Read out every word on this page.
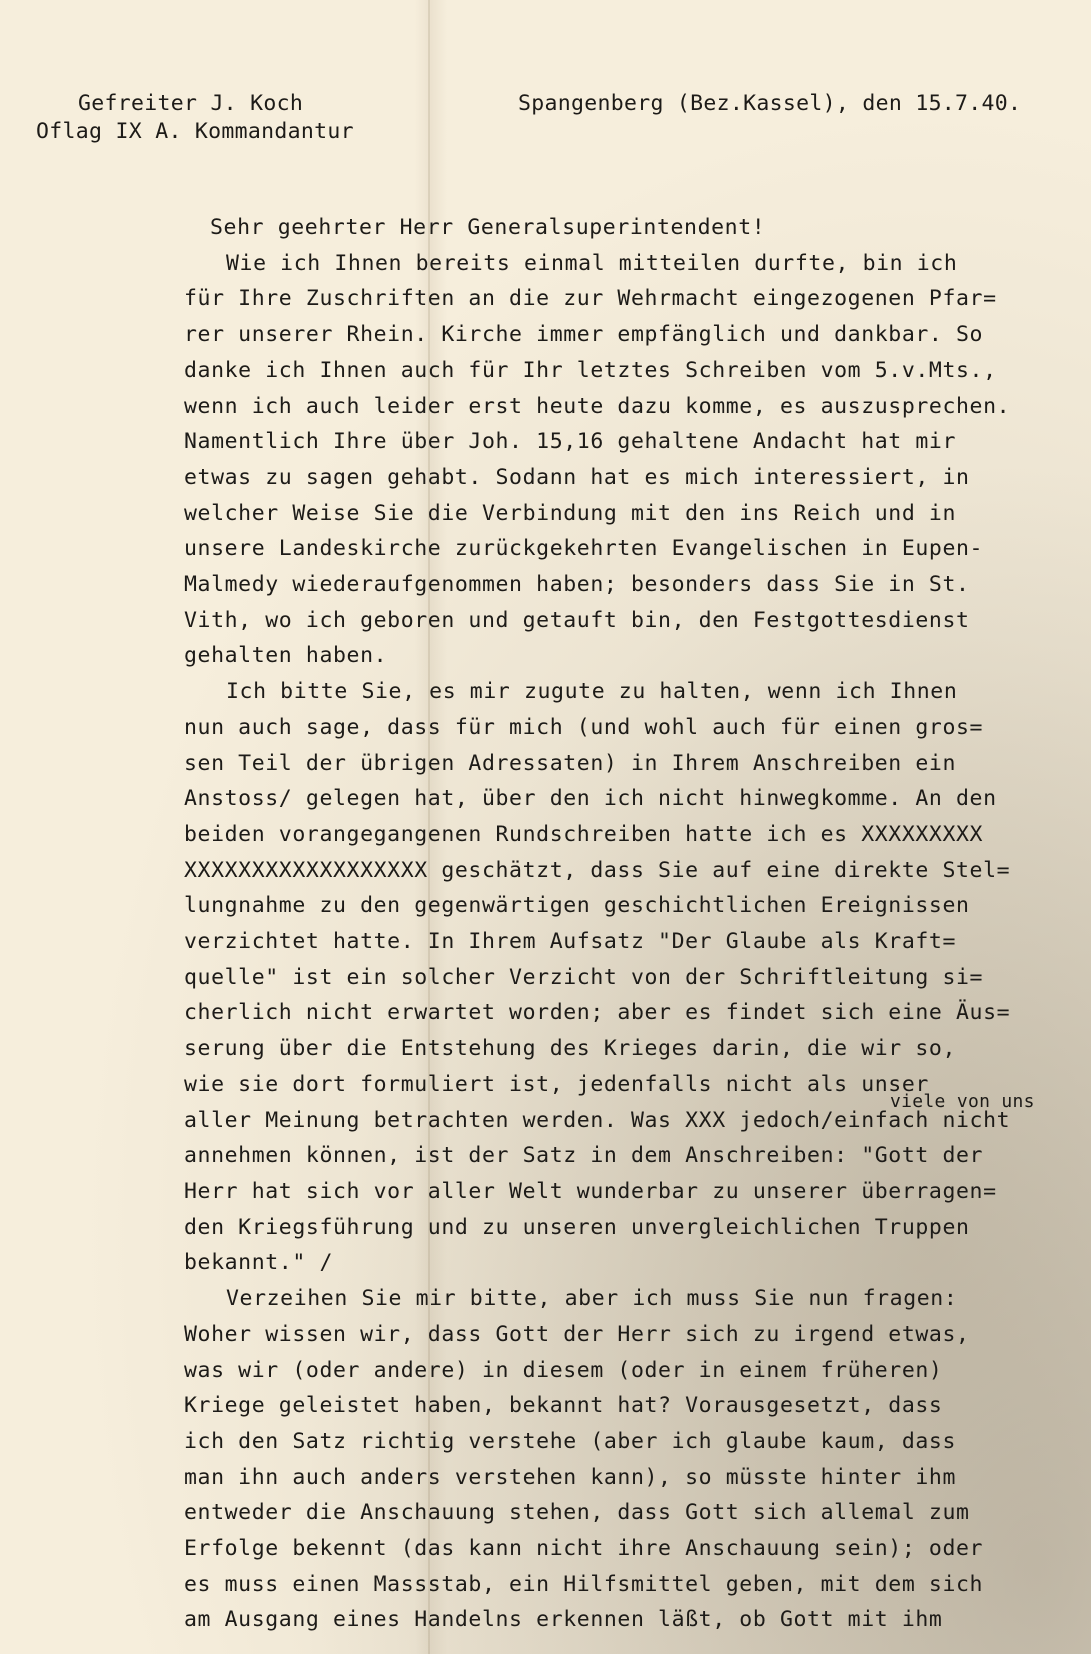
Gefreiter J. Koch
Oflag IX A. Kommandantur
Spangenberg (Bez.Kassel), den 15.7.40.
Sehr geehrter Herr Generalsuperintendent!
Wie ich Ihnen bereits einmal mitteilen durfte, bin ich
für Ihre Zuschriften an die zur Wehrmacht eingezogenen Pfar=
rer unserer Rhein. Kirche immer empfänglich und dankbar. So
danke ich Ihnen auch für Ihr letztes Schreiben vom 5.v.Mts.,
wenn ich auch leider erst heute dazu komme, es auszusprechen.
Namentlich Ihre über Joh. 15,16 gehaltene Andacht hat mir
etwas zu sagen gehabt. Sodann hat es mich interessiert, in
welcher Weise Sie die Verbindung mit den ins Reich und in
unsere Landeskirche zurückgekehrten Evangelischen in Eupen-
Malmedy wiederaufgenommen haben; besonders dass Sie in St.
Vith, wo ich geboren und getauft bin, den Festgottesdienst
gehalten haben.
Ich bitte Sie, es mir zugute zu halten, wenn ich Ihnen
nun auch sage, dass für mich (und wohl auch für einen gros=
sen Teil der übrigen Adressaten) in Ihrem Anschreiben ein
Anstoss/ gelegen hat, über den ich nicht hinwegkomme. An den
beiden vorangegangenen Rundschreiben hatte ich es XXXXXXXXX
XXXXXXXXXXXXXXXXXX geschätzt, dass Sie auf eine direkte Stel=
lungnahme zu den gegenwärtigen geschichtlichen Ereignissen
verzichtet hatte. In Ihrem Aufsatz "Der Glaube als Kraft=
quelle" ist ein solcher Verzicht von der Schriftleitung si=
cherlich nicht erwartet worden; aber es findet sich eine Äus=
serung über die Entstehung des Krieges darin, die wir so,
wie sie dort formuliert ist, jedenfalls nicht als unser
aller Meinung betrachten werden. Was XXX jedoch/einfach nicht
annehmen können, ist der Satz in dem Anschreiben: "Gott der
Herr hat sich vor aller Welt wunderbar zu unserer überragen=
den Kriegsführung und zu unseren unvergleichlichen Truppen
bekannt." /
Verzeihen Sie mir bitte, aber ich muss Sie nun fragen:
Woher wissen wir, dass Gott der Herr sich zu irgend etwas,
was wir (oder andere) in diesem (oder in einem früheren)
Kriege geleistet haben, bekannt hat? Vorausgesetzt, dass
ich den Satz richtig verstehe (aber ich glaube kaum, dass
man ihn auch anders verstehen kann), so müsste hinter ihm
entweder die Anschauung stehen, dass Gott sich allemal zum
Erfolge bekennt (das kann nicht ihre Anschauung sein); oder
es muss einen Massstab, ein Hilfsmittel geben, mit dem sich
am Ausgang eines Handelns erkennen läßt, ob Gott mit ihm
viele von uns
